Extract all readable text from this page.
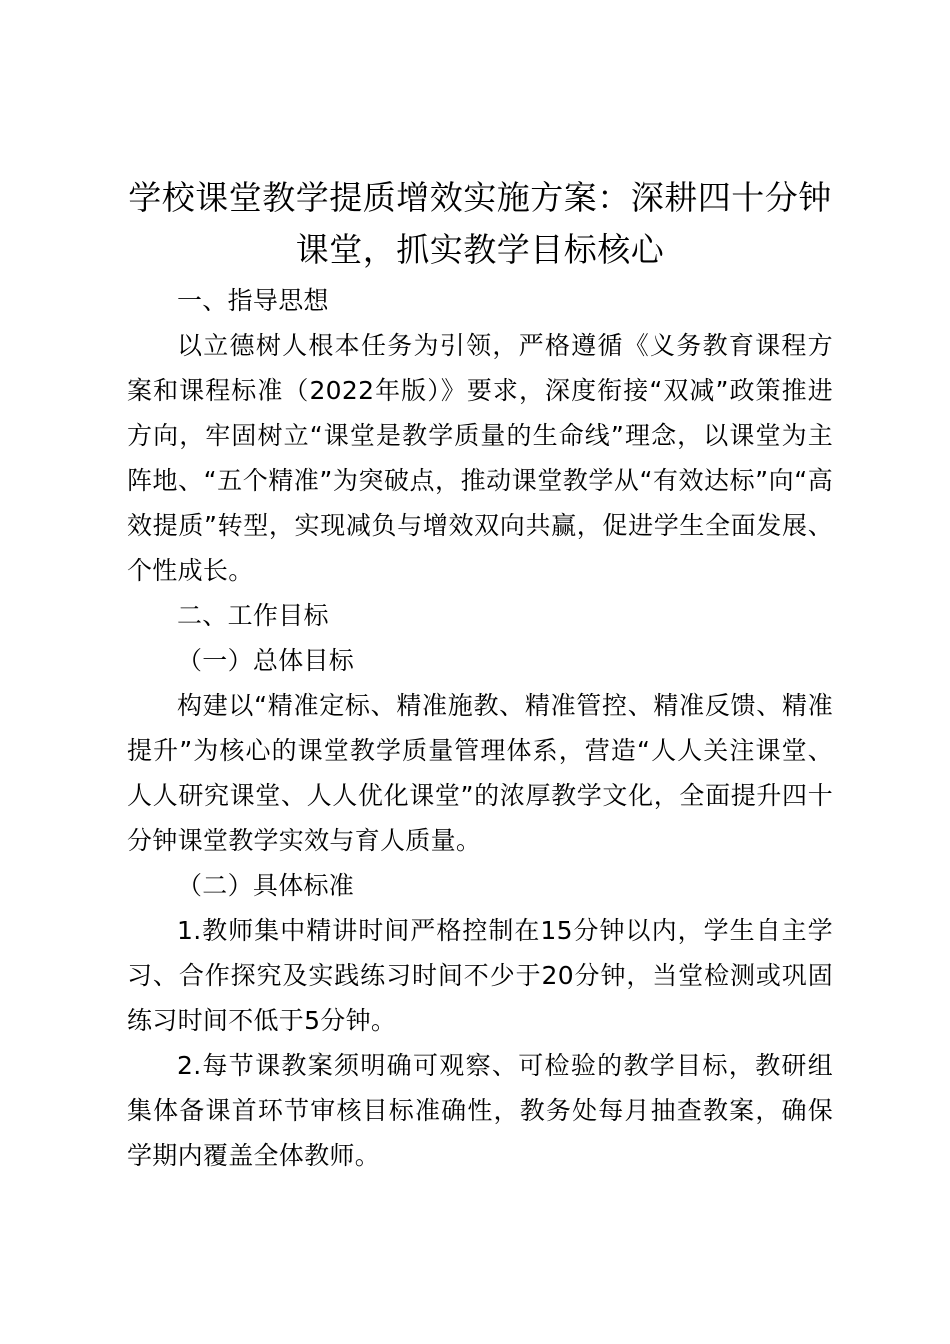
学校课堂教学提质增效实施方案：深耕四十分钟课堂，抓实教学目标核心

一、指导思想

以立德树人根本任务为引领，严格遵循《义务教育课程方案和课程标准（2022年版）》要求，深度衔接“双减”政策推进方向，牢固树立“课堂是教学质量的生命线”理念，以课堂为主阵地、“五个精准”为突破点，推动课堂教学从“有效达标”向“高效提质”转型，实现减负与增效双向共赢，促进学生全面发展、个性成长。

二、工作目标

（一）总体目标

构建以“精准定标、精准施教、精准管控、精准反馈、精准提升”为核心的课堂教学质量管理体系，营造“人人关注课堂、人人研究课堂、人人优化课堂”的浓厚教学文化，全面提升四十分钟课堂教学实效与育人质量。

（二）具体标准

1.教师集中精讲时间严格控制在15分钟以内，学生自主学习、合作探究及实践练习时间不少于20分钟，当堂检测或巩固练习时间不低于5分钟。

2.每节课教案须明确可观察、可检验的教学目标，教研组集体备课首环节审核目标准确性，教务处每月抽查教案，确保学期内覆盖全体教师。
